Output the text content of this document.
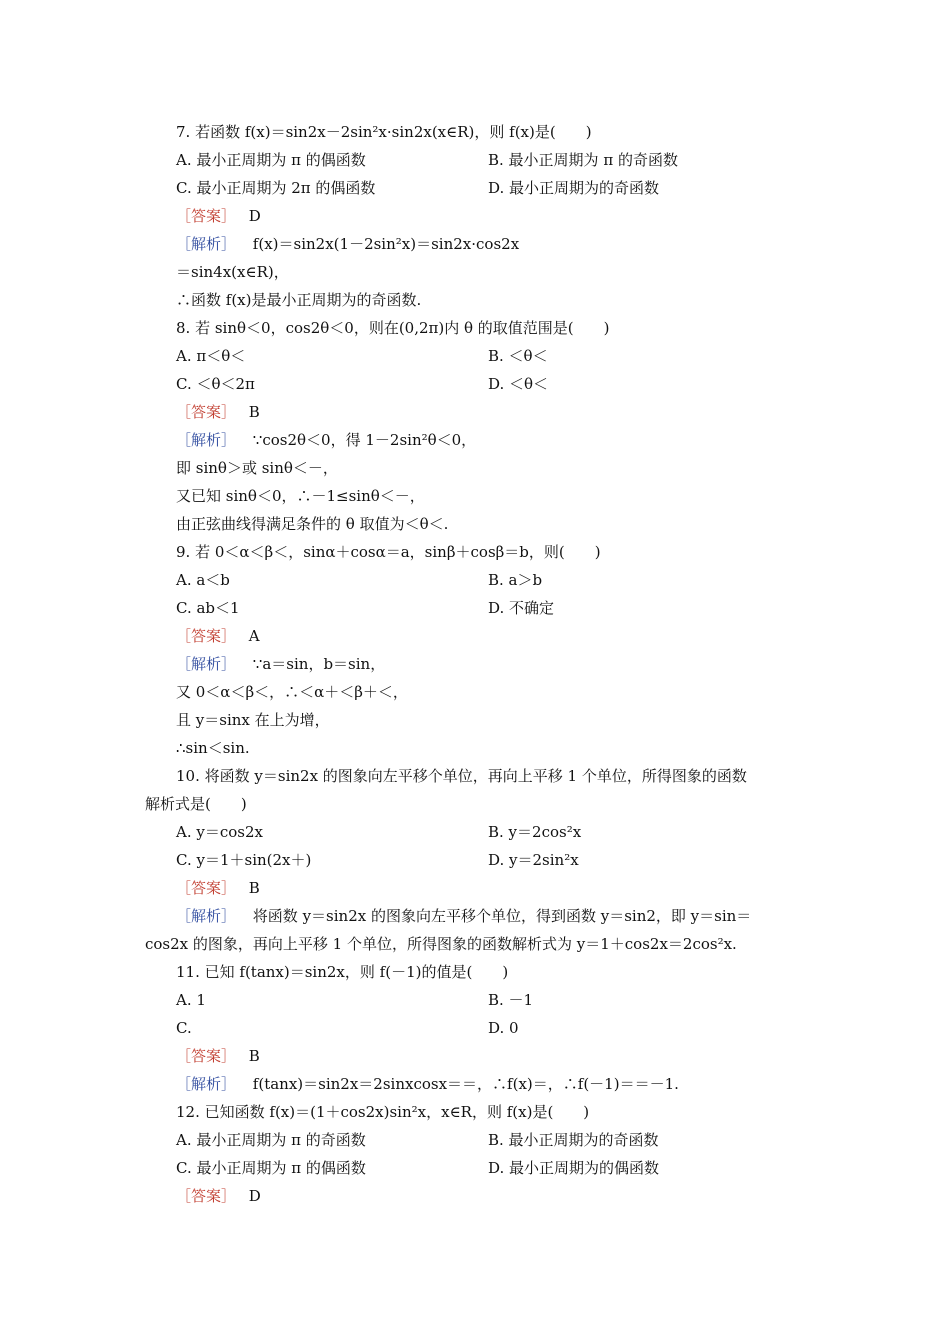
7. 若函数 f(x)＝sin2x－2sin²x·sin2x(x∈R)，则 f(x)是(　　)
A. 最小正周期为 π 的偶函数	B. 最小正周期为 π 的奇函数
C. 最小正周期为 2π 的偶函数	D. 最小正周期为的奇函数
［答案］ D
［解析］ f(x)＝sin2x(1－2sin²x)＝sin2x·cos2x
＝sin4x(x∈R)，
∴函数 f(x)是最小正周期为的奇函数.
8. 若 sinθ＜0，cos2θ＜0，则在(0,2π)内 θ 的取值范围是(　　)
A. π＜θ＜	B. ＜θ＜
C. ＜θ＜2π	D. ＜θ＜
［答案］ B
［解析］ ∵cos2θ＜0，得 1－2sin²θ＜0，
即 sinθ＞或 sinθ＜－，
又已知 sinθ＜0，∴－1≤sinθ＜－，
由正弦曲线得满足条件的 θ 取值为＜θ＜.
9. 若 0＜α＜β＜，sinα＋cosα＝a，sinβ＋cosβ＝b，则(　　)
A. a＜b	B. a＞b
C. ab＜1	D. 不确定
［答案］ A
［解析］ ∵a＝sin，b＝sin，
又 0＜α＜β＜，∴＜α＋＜β＋＜，
且 y＝sinx 在上为增，
∴sin＜sin.
10. 将函数 y＝sin2x 的图象向左平移个单位，再向上平移 1 个单位，所得图象的函数
解析式是(　　)
A. y＝cos2x	B. y＝2cos²x
C. y＝1＋sin(2x＋)	D. y＝2sin²x
［答案］ B
［解析］ 将函数 y＝sin2x 的图象向左平移个单位，得到函数 y＝sin2，即 y＝sin＝
cos2x 的图象，再向上平移 1 个单位，所得图象的函数解析式为 y＝1＋cos2x＝2cos²x.
11. 已知 f(tanx)＝sin2x，则 f(－1)的值是(　　)
A. 1	B. －1
C.	D. 0
［答案］ B
［解析］ f(tanx)＝sin2x＝2sinxcosx＝＝，∴f(x)＝，∴f(－1)＝＝－1.
12. 已知函数 f(x)＝(1＋cos2x)sin²x，x∈R，则 f(x)是(　　)
A. 最小正周期为 π 的奇函数	B. 最小正周期为的奇函数
C. 最小正周期为 π 的偶函数	D. 最小正周期为的偶函数
［答案］ D
